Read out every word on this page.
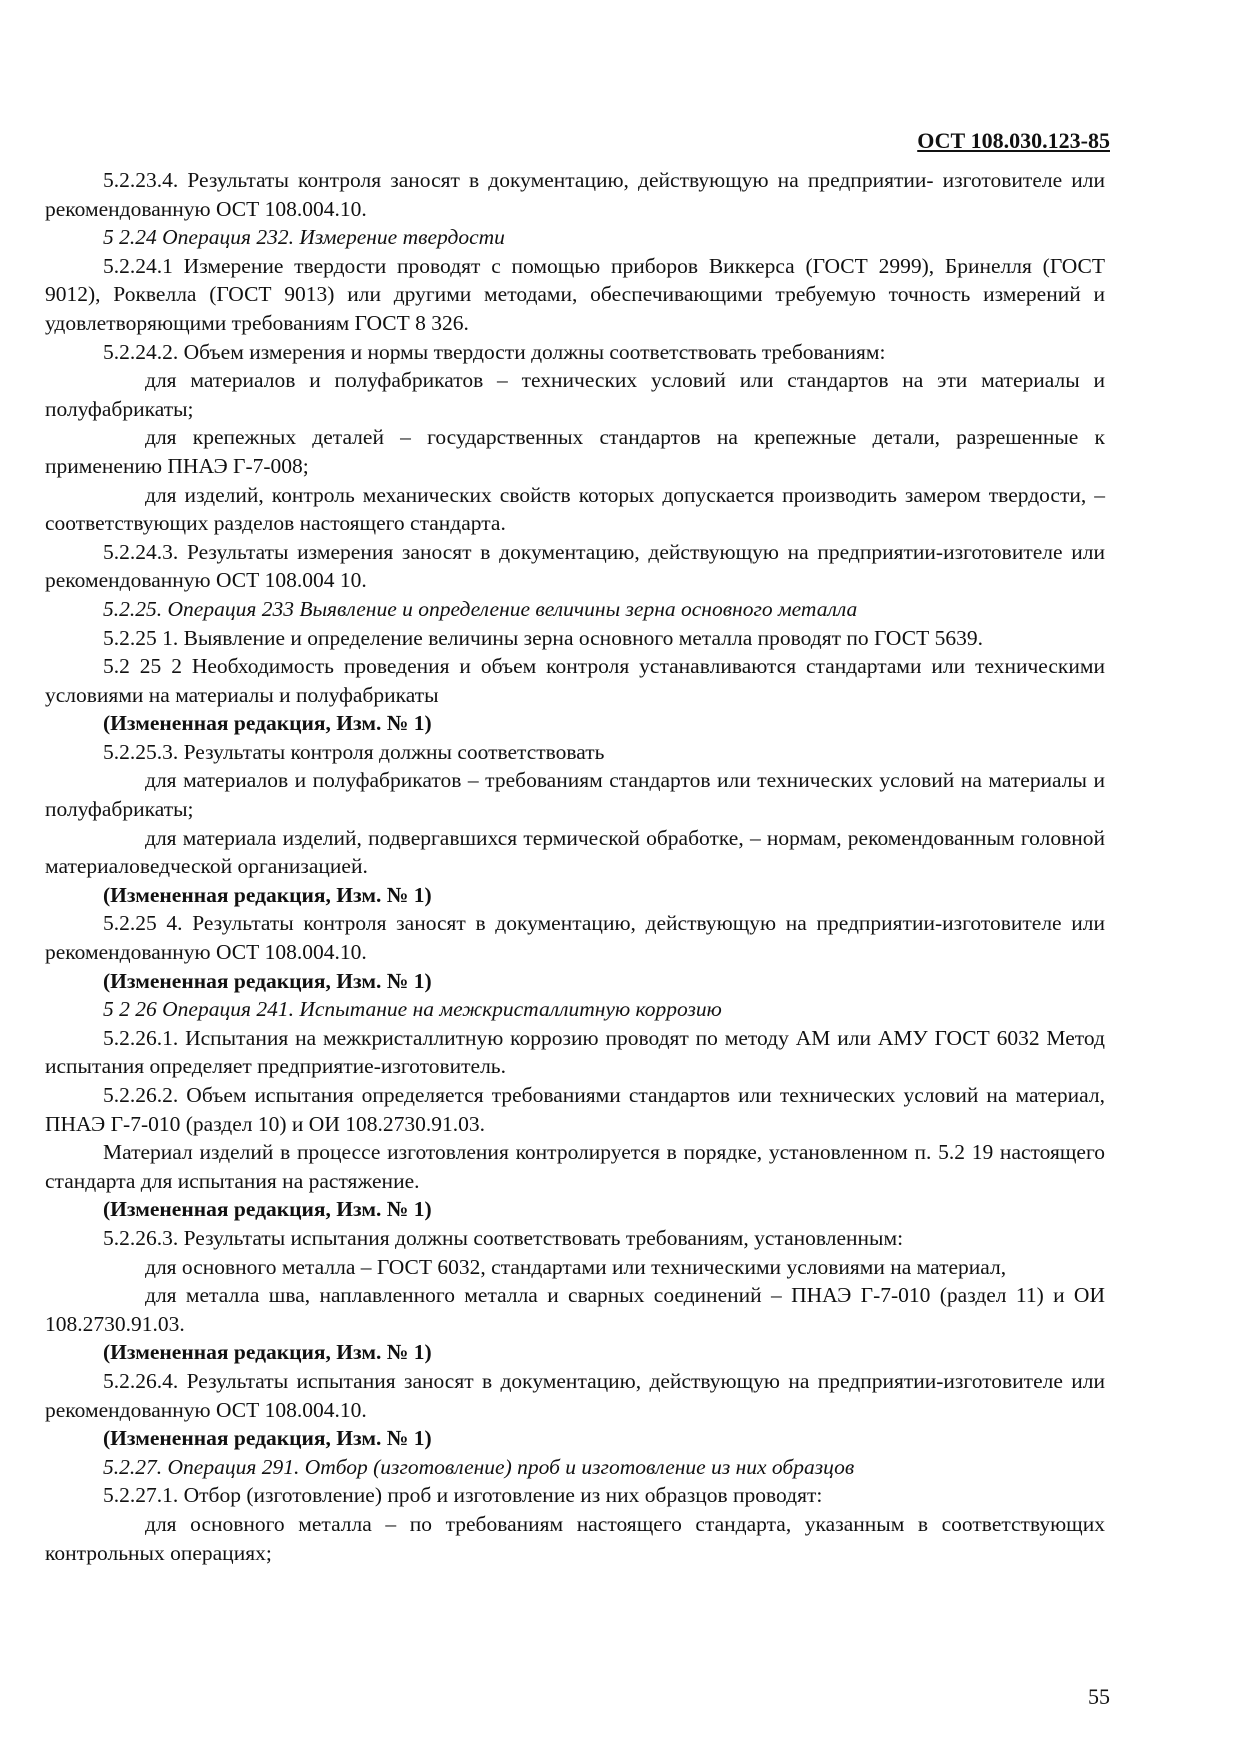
ОСТ 108.030.123-85

5.2.23.4. Результаты контроля заносят в документацию, действующую на предприятии- изготовителе или рекомендованную ОСТ 108.004.10.

5 2.24 Операция 232. Измерение твердости

5.2.24.1 Измерение твердости проводят с помощью приборов Виккерса (ГОСТ 2999), Бринелля (ГОСТ 9012), Роквелла (ГОСТ 9013) или другими методами, обеспечивающими требуемую точность измерений и удовлетворяющими требованиям ГОСТ 8 326.

5.2.24.2. Объем измерения и нормы твердости должны соответствовать требованиям:

для материалов и полуфабрикатов – технических условий или стандартов на эти материалы и полуфабрикаты;

для крепежных деталей – государственных стандартов на крепежные детали, разрешенные к применению ПНАЭ Г-7-008;

для изделий, контроль механических свойств которых допускается производить замером твердости, – соответствующих разделов настоящего стандарта.

5.2.24.3. Результаты измерения заносят в документацию, действующую на предприятии-изготовителе или рекомендованную ОСТ 108.004 10.

5.2.25. Операция 233 Выявление и определение величины зерна основного металла

5.2.25 1. Выявление и определение величины зерна основного металла проводят по ГОСТ 5639.

5.2 25 2 Необходимость проведения и объем контроля устанавливаются стандартами или техническими условиями на материалы и полуфабрикаты

(Измененная редакция, Изм. № 1)

5.2.25.3. Результаты контроля должны соответствовать

для материалов и полуфабрикатов – требованиям стандартов или технических условий на материалы и полуфабрикаты;

для материала изделий, подвергавшихся термической обработке, – нормам, рекомендованным головной материаловедческой организацией.

(Измененная редакция, Изм. № 1)

5.2.25 4. Результаты контроля заносят в документацию, действующую на предприятии-изготовителе или рекомендованную ОСТ 108.004.10.

(Измененная редакция, Изм. № 1)

5 2 26 Операция 241. Испытание на межкристаллитную коррозию

5.2.26.1. Испытания на межкристаллитную коррозию проводят по методу АМ или АМУ ГОСТ 6032 Метод испытания определяет предприятие-изготовитель.

5.2.26.2. Объем испытания определяется требованиями стандартов или технических условий на материал, ПНАЭ Г-7-010 (раздел 10) и ОИ 108.2730.91.03.

Материал изделий в процессе изготовления контролируется в порядке, установленном п. 5.2 19 настоящего стандарта для испытания на растяжение.

(Измененная редакция, Изм. № 1)

5.2.26.3. Результаты испытания должны соответствовать требованиям, установленным:

для основного металла – ГОСТ 6032, стандартами или техническими условиями на материал,

для металла шва, наплавленного металла и сварных соединений – ПНАЭ Г-7-010 (раздел 11) и ОИ 108.2730.91.03.

(Измененная редакция, Изм. № 1)

5.2.26.4. Результаты испытания заносят в документацию, действующую на предприятии-изготовителе или рекомендованную ОСТ 108.004.10.

(Измененная редакция, Изм. № 1)

5.2.27. Операция 291. Отбор (изготовление) проб и изготовление из них образцов

5.2.27.1. Отбор (изготовление) проб и изготовление из них образцов проводят:

для основного металла – по требованиям настоящего стандарта, указанным в соответствующих контрольных операциях;

55
